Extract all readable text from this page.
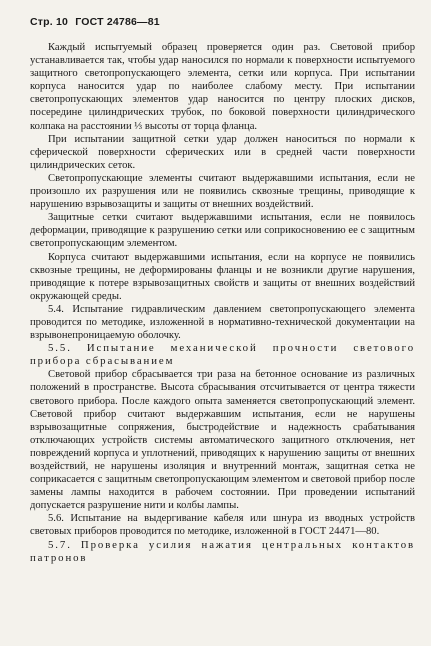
Стр. 10 ГОСТ 24786—81

Каждый испытуемый образец проверяется один раз. Световой прибор устанавливается так, чтобы удар наносился по нормали к поверхности испытуемого защитного светопропускающего элемента, сетки или корпуса. При испытании корпуса наносится удар по наиболее слабому месту. При испытании светопропускающих элементов удар наносится по центру плоских дисков, посередине цилиндрических трубок, по боковой поверхности цилиндрического колпака на расстоянии ⅓ высоты от торца фланца.

При испытании защитной сетки удар должен наноситься по нормали к сферической поверхности сферических или в средней части поверхности цилиндрических сеток.

Светопропускающие элементы считают выдержавшими испытания, если не произошло их разрушения или не появились сквозные трещины, приводящие к нарушению взрывозащиты и защиты от внешних воздействий.

Защитные сетки считают выдержавшими испытания, если не появилось деформации, приводящие к разрушению сетки или соприкосновению ее с защитным светопропускающим элементом.

Корпуса считают выдержавшими испытания, если на корпусе не появились сквозные трещины, не деформированы фланцы и не возникли другие нарушения, приводящие к потере взрывозащитных свойств и защиты от внешних воздействий окружающей среды.

5.4. Испытание гидравлическим давлением светопропускающего элемента проводится по методике, изложенной в нормативно-технической документации на взрывонепроницаемую оболочку.

5.5. Испытание механической прочности светового прибора сбрасыванием

Световой прибор сбрасывается три раза на бетонное основание из различных положений в пространстве. Высота сбрасывания отсчитывается от центра тяжести светового прибора. После каждого опыта заменяется светопропускающий элемент. Световой прибор считают выдержавшим испытания, если не нарушены взрывозащитные сопряжения, быстродействие и надежность срабатывания отключающих устройств системы автоматического защитного отключения, нет повреждений корпуса и уплотнений, приводящих к нарушению защиты от внешних воздействий, не нарушены изоляция и внутренний монтаж, защитная сетка не соприкасается с защитным светопропускающим элементом и световой прибор после замены лампы находится в рабочем состоянии. При проведении испытаний допускается разрушение нити и колбы лампы.

5.6. Испытание на выдергивание кабеля или шнура из вводных устройств световых приборов проводится по методике, изложенной в ГОСТ 24471—80.

5.7. Проверка усилия нажатия центральных контактов патронов
